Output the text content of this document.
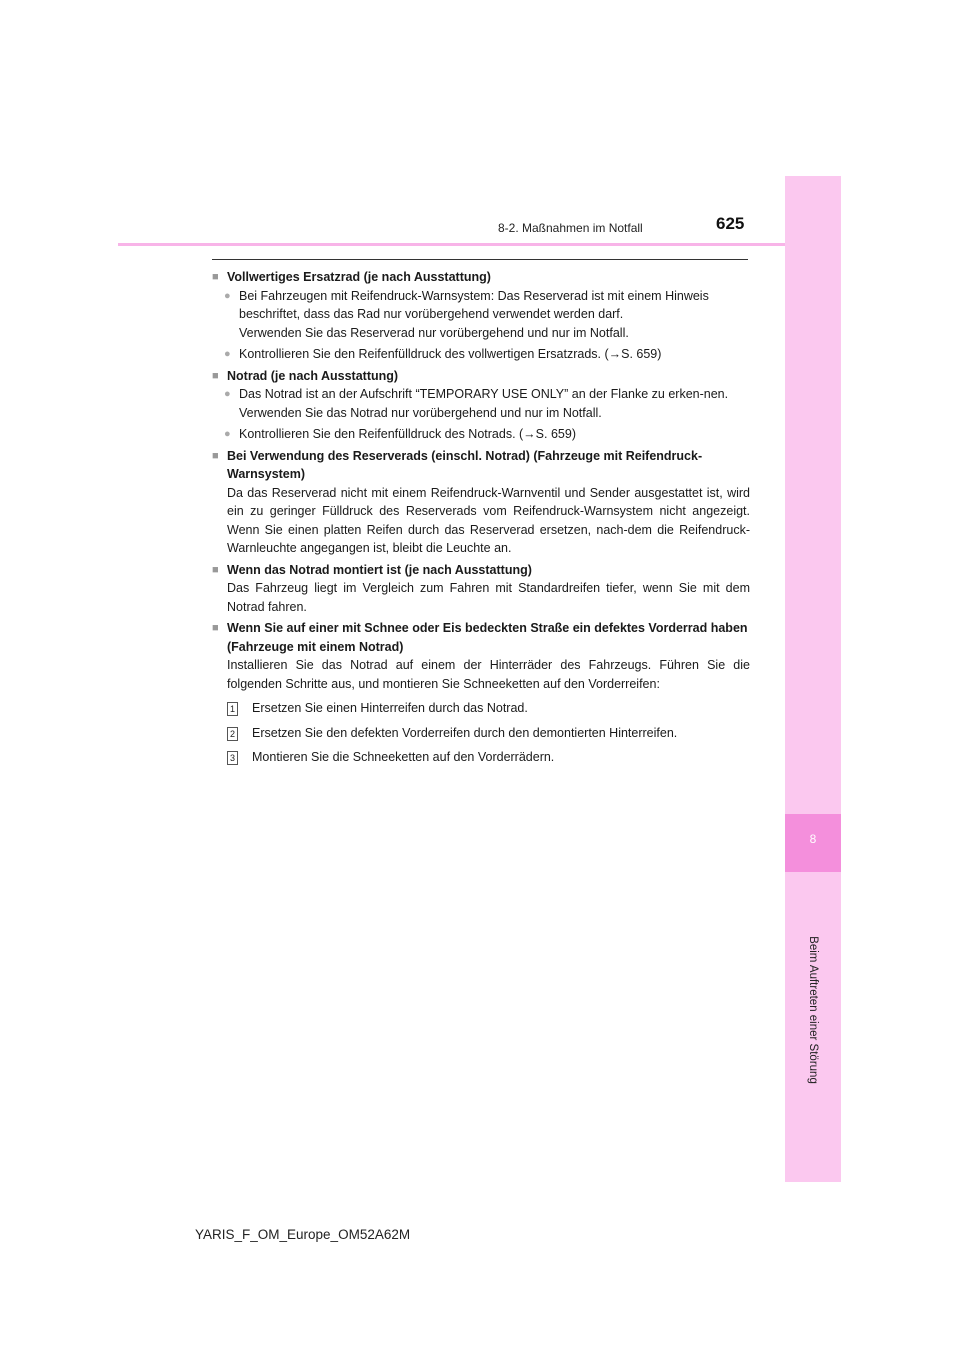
8
Beim Auftreten einer Störung
8-2. Maßnahmen im Notfall	625

■ Vollwertiges Ersatzrad (je nach Ausstattung)

● Bei Fahrzeugen mit Reifendruck-Warnsystem: Das Reserverad ist mit einem Hinweis beschriftet, dass das Rad nur vorübergehend verwendet werden darf.

Verwenden Sie das Reserverad nur vorübergehend und nur im Notfall.

● Kontrollieren Sie den Reifenfülldruck des vollwertigen Ersatzrads. (→S. 659)

■ Notrad (je nach Ausstattung)

● Das Notrad ist an der Aufschrift “TEMPORARY USE ONLY” an der Flanke zu erken-nen.

Verwenden Sie das Notrad nur vorübergehend und nur im Notfall.

● Kontrollieren Sie den Reifenfülldruck des Notrads. (→S. 659)

■ Bei Verwendung des Reserverads (einschl. Notrad) (Fahrzeuge mit Reifendruck-Warnsystem)

Da das Reserverad nicht mit einem Reifendruck-Warnventil und Sender ausgestattet ist, wird ein zu geringer Fülldruck des Reserverads vom Reifendruck-Warnsystem nicht angezeigt. Wenn Sie einen platten Reifen durch das Reserverad ersetzen, nach-dem die Reifendruck-Warnleuchte angegangen ist, bleibt die Leuchte an.

■ Wenn das Notrad montiert ist (je nach Ausstattung)

Das Fahrzeug liegt im Vergleich zum Fahren mit Standardreifen tiefer, wenn Sie mit dem Notrad fahren.

■ Wenn Sie auf einer mit Schnee oder Eis bedeckten Straße ein defektes Vorderrad haben (Fahrzeuge mit einem Notrad)

Installieren Sie das Notrad auf einem der Hinterräder des Fahrzeugs. Führen Sie die folgenden Schritte aus, und montieren Sie Schneeketten auf den Vorderreifen:

1 Ersetzen Sie einen Hinterreifen durch das Notrad.
2 Ersetzen Sie den defekten Vorderreifen durch den demontierten Hinterreifen.
3 Montieren Sie die Schneeketten auf den Vorderrädern.
YARIS_F_OM_Europe_OM52A62M
